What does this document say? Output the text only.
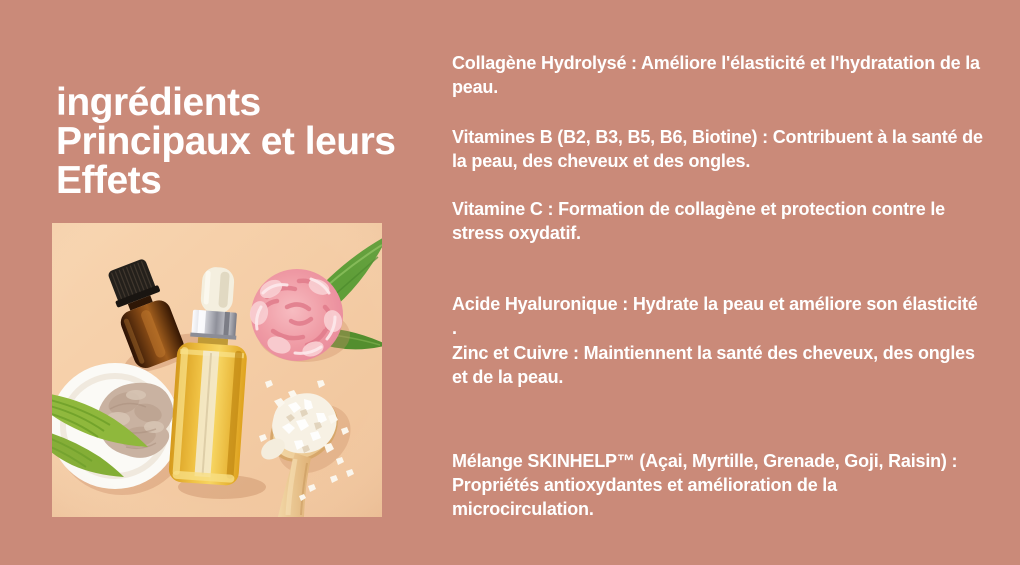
ingrédients
Principaux et leurs
Effets

Collagène Hydrolysé : Améliore l'élasticité et l'hydratation de la
peau.

Vitamines B (B2, B3, B5, B6, Biotine) : Contribuent à la santé de
la peau, des cheveux et des ongles.

Vitamine C : Formation de collagène et protection contre le
stress oxydatif.

Acide Hyaluronique : Hydrate la peau et améliore son élasticité
.

Zinc et Cuivre : Maintiennent la santé des cheveux, des ongles
et de la peau.

Mélange SKINHELP™ (Açai, Myrtille, Grenade, Goji, Raisin) :
Propriétés antioxydantes et amélioration de la
microcirculation.
